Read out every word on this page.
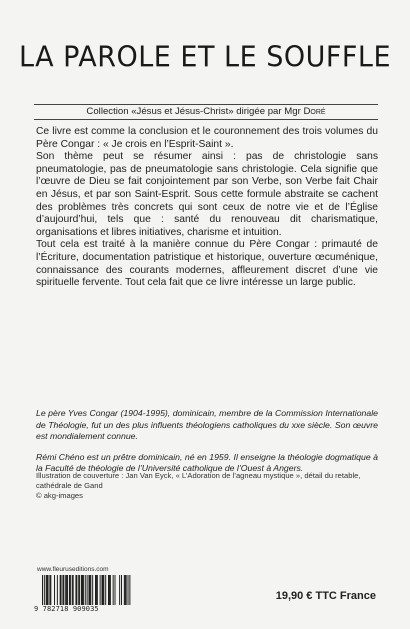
LA PAROLE ET LE SOUFFLE
Collection «Jésus et Jésus-Christ» dirigée par Mgr Doré

Ce livre est comme la conclusion et le couronnement des trois volumes du Père Congar : « Je crois en l’Esprit-Saint ».

Son thème peut se résumer ainsi : pas de christologie sans pneumatologie, pas de pneumatologie sans christologie. Cela signifie que l’œuvre de Dieu se fait conjointement par son Verbe, son Verbe fait Chair en Jésus, et par son Saint-Esprit. Sous cette formule abstraite se cachent des problèmes très concrets qui sont ceux de notre vie et de l’Église d’aujourd’hui, tels que : santé du renouveau dit charismatique, organisations et libres initiatives, charisme et intuition.

Tout cela est traité à la manière connue du Père Congar : primauté de l’Écriture, documentation patristique et historique, ouverture œcuménique, connaissance des courants modernes, affleurement discret d’une vie spirituelle fervente. Tout cela fait que ce livre intéresse un large public.

Le père Yves Congar (1904-1995), dominicain, membre de la Commission Internationale de Théologie, fut un des plus influents théologiens catholiques du xxe siècle. Son œuvre est mondialement connue.

Rémi Chéno est un prêtre dominicain, né en 1959. Il enseigne la théologie dogmatique à la Faculté de théologie de l’Université catholique de l’Ouest à Angers.

Illustration de couverture : Jan Van Eyck, « L’Adoration de l’agneau mystique », détail du retable, cathédrale de Gand

© akg-images

www.fleuruseditions.com
9 782718 909035
19,90 € TTC France
